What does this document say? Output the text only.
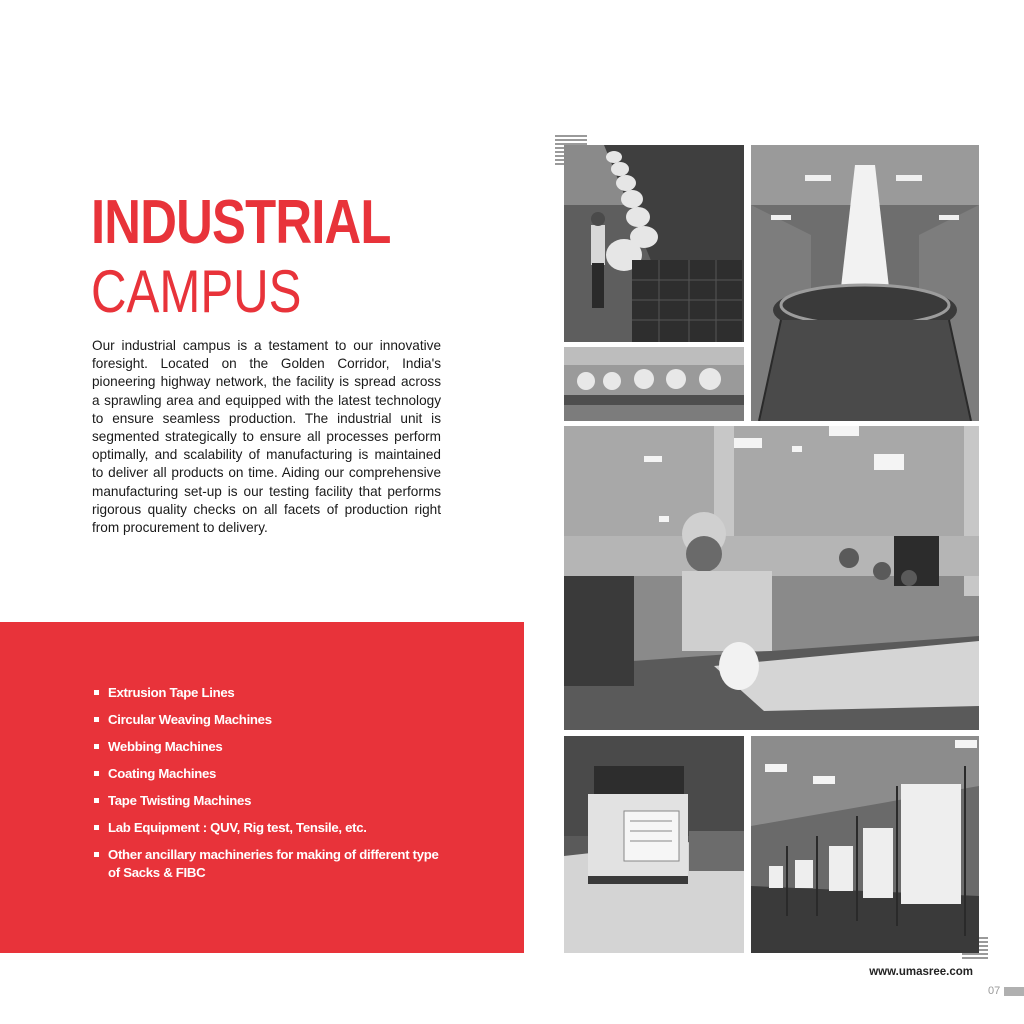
INDUSTRIAL
CAMPUS

Our industrial campus is a testament to our innovative foresight. Located on the Golden Corridor, India's pioneering highway network, the facility is spread across a sprawling area and equipped with the latest technology to ensure seamless production. The industrial unit is segmented strategically to ensure all processes perform optimally, and scalability of manufacturing is maintained to deliver all products on time. Aiding our comprehensive manufacturing set-up is our testing facility that performs rigorous quality checks on all facets of production right from procurement to delivery.

Extrusion Tape Lines
Circular Weaving Machines
Webbing Machines
Coating Machines
Tape Twisting Machines
Lab Equipment : QUV, Rig test, Tensile, etc.
Other ancillary machineries for making of different type of Sacks & FIBC
www.umasree.com
07
